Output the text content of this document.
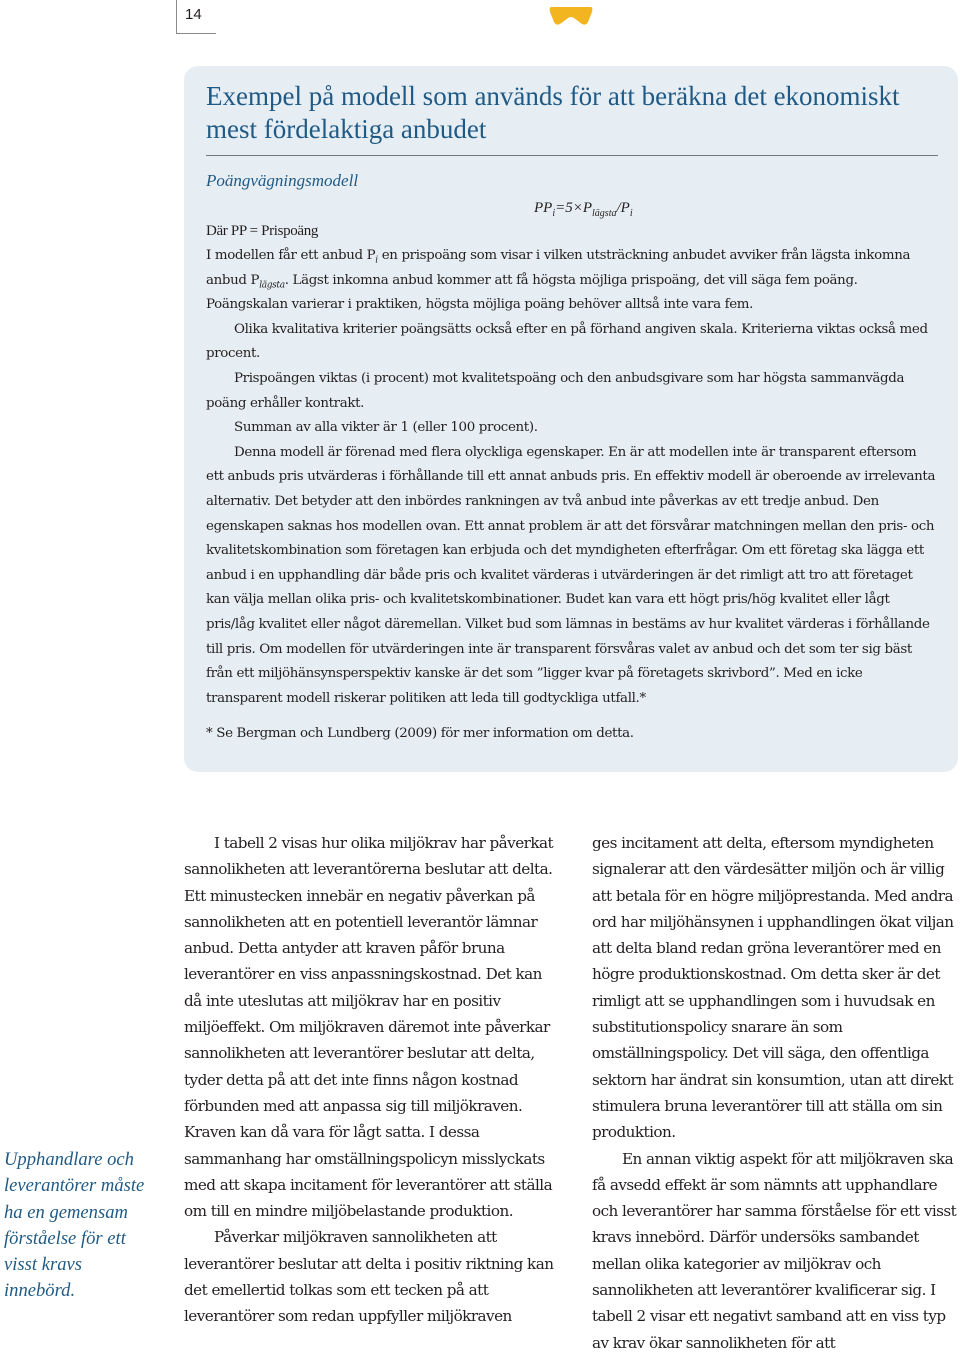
14
Exempel på modell som används för att beräkna det ekonomiskt mest fördelaktiga anbudet
Poängvägningsmodell
$PP_i=5\times P_{lägsta}/P_i$
Där PP = Prispoäng

I modellen får ett anbud $P_i$ en prispoäng som visar i vilken utsträckning anbudet avviker från lägsta inkomna anbud $P_{lägsta}$. Lägst inkomna anbud kommer att få högsta möjliga prispoäng, det vill säga fem poäng. Poängskalan varierar i praktiken, högsta möjliga poäng behöver alltså inte vara fem.

Olika kvalitativa kriterier poängsätts också efter en på förhand angiven skala. Kriterierna viktas också med procent.

Prispoängen viktas (i procent) mot kvalitetspoäng och den anbudsgivare som har högsta sammanvägda poäng erhåller kontrakt.

Summan av alla vikter är 1 (eller 100 procent).

Denna modell är förenad med flera olyckliga egenskaper. En är att modellen inte är transparent eftersom ett anbuds pris utvärderas i förhållande till ett annat anbuds pris. En effektiv modell är oberoende av irrelevanta alternativ. Det betyder att den inbördes rankningen av två anbud inte påverkas av ett tredje anbud. Den egenskapen saknas hos modellen ovan. Ett annat problem är att det försvårar matchningen mellan den pris- och kvalitetskombination som företagen kan erbjuda och det myndigheten efterfrågar. Om ett företag ska lägga ett anbud i en upphandling där både pris och kvalitet värderas i utvärderingen är det rimligt att tro att företaget kan välja mellan olika pris- och kvalitetskombinationer. Budet kan vara ett högt pris/hög kvalitet eller lågt pris/låg kvalitet eller något däremellan. Vilket bud som lämnas in bestäms av hur kvalitet värderas i förhållande till pris. Om modellen för utvärderingen inte är transparent försvåras valet av anbud och det som ter sig bäst från ett miljöhänsynsperspektiv kanske är det som ”ligger kvar på företagets skrivbord”. Med en icke transparent modell riskerar politiken att leda till godtyckliga utfall.*

* Se Bergman och Lundberg (2009) för mer information om detta.

Upphandlare och leverantörer måste ha en gemensam förståelse för ett visst kravs innebörd.

I tabell 2 visas hur olika miljökrav har påverkat sannolikheten att leverantörerna beslutar att delta. Ett minustecken innebär en negativ påverkan på sannolikheten att en potentiell leverantör lämnar anbud. Detta antyder att kraven påför bruna leverantörer en viss anpassningskostnad. Det kan då inte uteslutas att miljökrav har en positiv miljöeffekt. Om miljökraven däremot inte påverkar sannolikheten att leverantörer beslutar att delta, tyder detta på att det inte finns någon kostnad förbunden med att anpassa sig till miljökraven. Kraven kan då vara för lågt satta. I dessa sammanhang har omställningspolicyn misslyckats med att skapa incitament för leverantörer att ställa om till en mindre miljöbelastande produktion.

Påverkar miljökraven sannolikheten att leverantörer beslutar att delta i positiv riktning kan det emellertid tolkas som ett tecken på att leverantörer som redan uppfyller miljökraven

ges incitament att delta, eftersom myndigheten signalerar att den värdesätter miljön och är villig att betala för en högre miljöprestanda. Med andra ord har miljöhänsynen i upphandlingen ökat viljan att delta bland redan gröna leverantörer med en högre produktionskostnad. Om detta sker är det rimligt att se upphandlingen som i huvudsak en substitutionspolicy snarare än som omställningspolicy. Det vill säga, den offentliga sektorn har ändrat sin konsumtion, utan att direkt stimulera bruna leverantörer till att ställa om sin produktion.

En annan viktig aspekt för att miljökraven ska få avsedd effekt är som nämnts att upphandlare och leverantörer har samma förståelse för ett visst kravs innebörd. Därför undersöks sambandet mellan olika kategorier av miljökrav och sannolikheten att leverantörer kvalificerar sig. I tabell 2 visar ett negativt samband att en viss typ av krav ökar sannolikheten för att
